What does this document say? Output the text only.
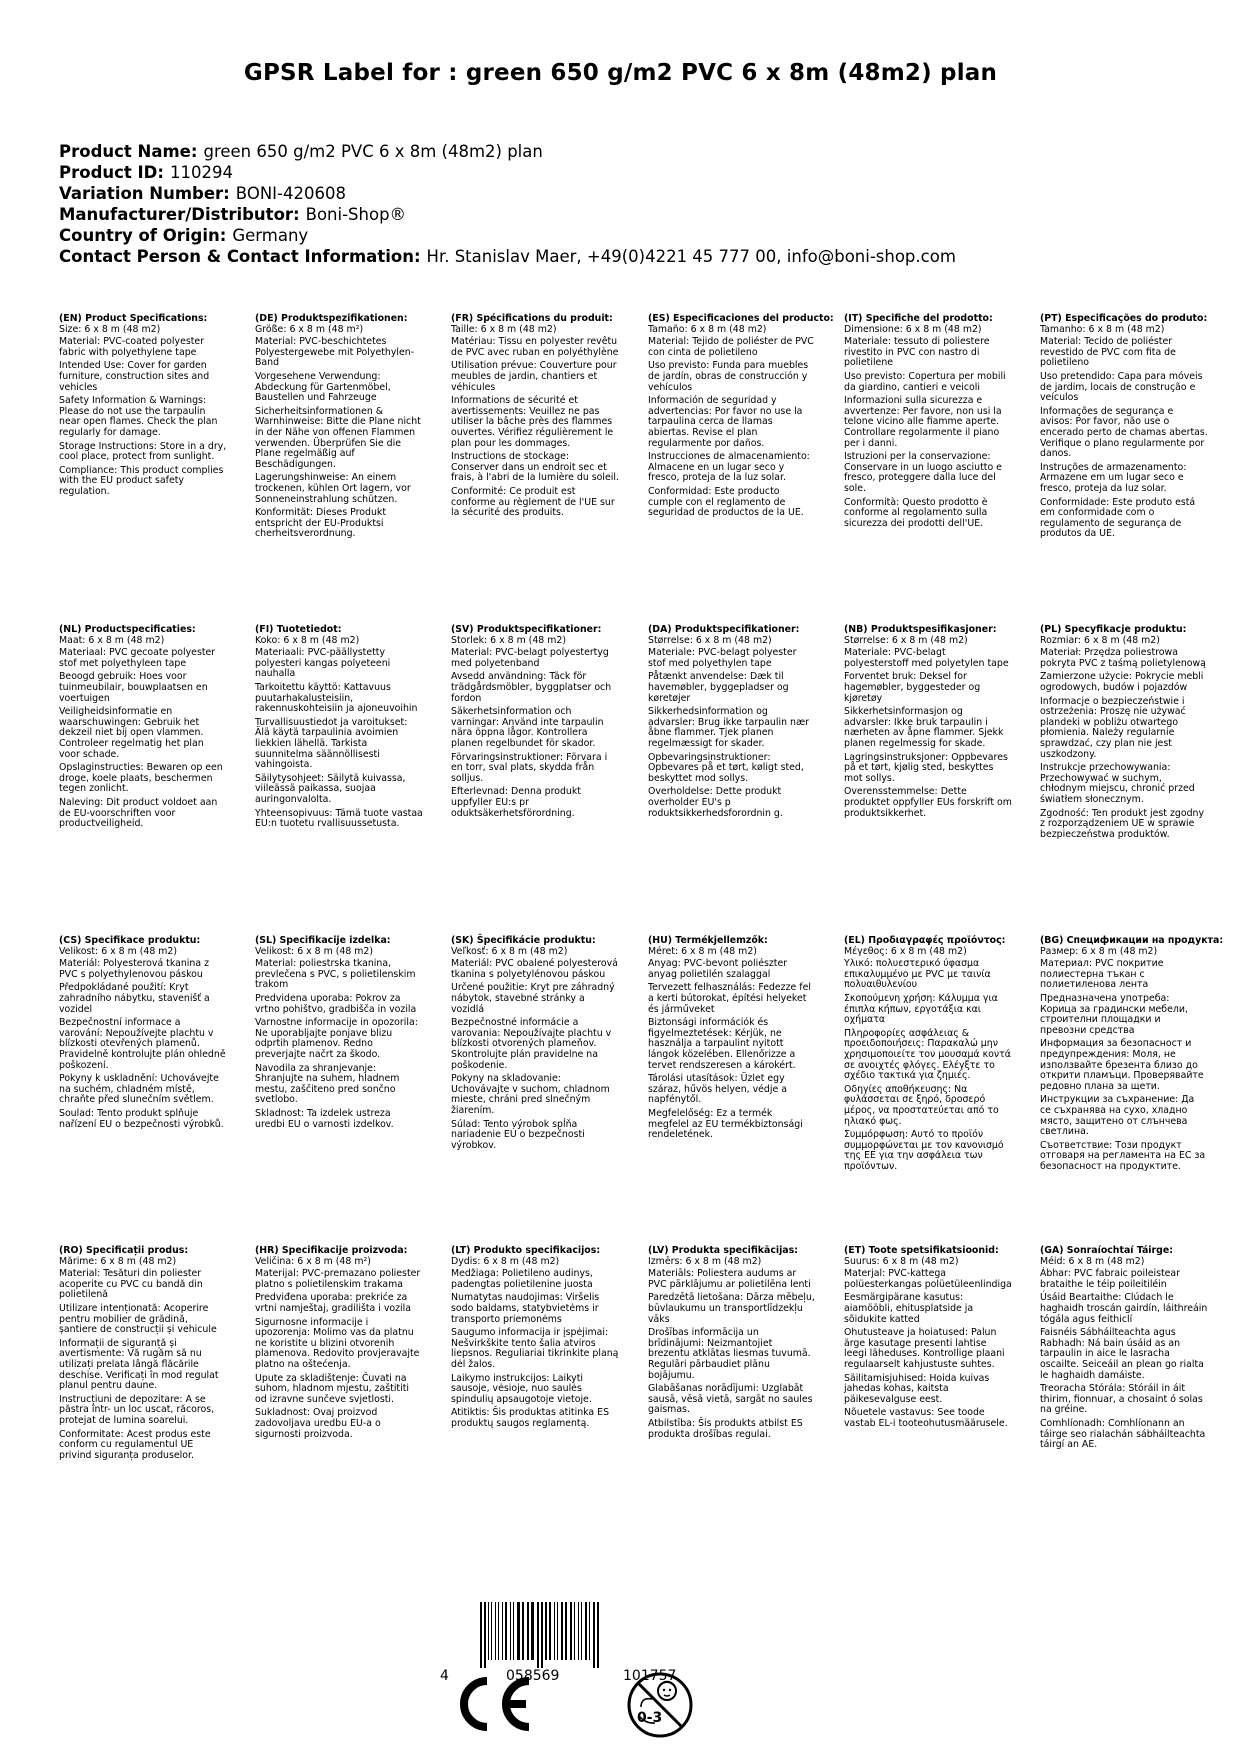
GPSR Label for : green 650 g/m2 PVC 6 x 8m (48m2) plan
Product Name: green 650 g/m2 PVC 6 x 8m (48m2) plan
Product ID: 110294
Variation Number: BONI-420608
Manufacturer/Distributor: Boni-Shop®
Country of Origin: Germany
Contact Person & Contact Information: Hr. Stanislav Maer, +49(0)4221 45 777 00, info@boni-shop.com
(EN) Product Specifications:
Size: 6 x 8 m (48 m2)
Material: PVC-coated polyester fabric with polyethylene tape
Intended Use: Cover for garden furniture, construction sites and vehicles
Safety Information & Warnings: Please do not use the tarpaulin near open flames. Check the plan regularly for damage.
Storage Instructions: Store in a dry, cool place, protect from sunlight.
Compliance: This product complies with the EU product safety regulation.
(DE) Produktspezifikationen:
Größe: 6 x 8 m (48 m²)
Material: PVC-beschichtetes Polyestergewebe mit Polyethylen-Band
Vorgesehene Verwendung: Abdeckung für Gartenmöbel, Baustellen und Fahrzeuge
Sicherheitsinformationen & Warnhinweise: Bitte die Plane nicht in der Nähe von offenen Flammen verwenden. Überprüfen Sie die Plane regelmäßig auf Beschädigungen.
Lagerungshinweise: An einem trockenen, kühlen Ort lagern, vor Sonneneinstrahlung schützen.
Konformität: Dieses Produkt entspricht der EU-Produktsi cherheitsverordnung.
(FR) Spécifications du produit:
Taille: 6 x 8 m (48 m2)
Matériau: Tissu en polyester revêtu de PVC avec ruban en polyéthylène
Utilisation prévue: Couverture pour meubles de jardin, chantiers et véhicules
Informations de sécurité et avertissements: Veuillez ne pas utiliser la bâche près des flammes ouvertes. Vérifiez régulièrement le plan pour les dommages.
Instructions de stockage: Conserver dans un endroit sec et frais, à l'abri de la lumière du soleil.
Conformité: Ce produit est conforme au règlement de l'UE sur la sécurité des produits.
(ES) Especificaciones del producto:
Tamaño: 6 x 8 m (48 m2)
Material: Tejido de poliéster de PVC con cinta de polietileno
Uso previsto: Funda para muebles de jardín, obras de construcción y vehículos
Información de seguridad y advertencias: Por favor no use la tarpaulina cerca de llamas abiertas. Revise el plan regularmente por daños.
Instrucciones de almacenamiento: Almacene en un lugar seco y fresco, proteja de la luz solar.
Conformidad: Este producto cumple con el reglamento de seguridad de productos de la UE.
(IT) Specifiche del prodotto:
Dimensione: 6 x 8 m (48 m2)
Materiale: tessuto di poliestere rivestito in PVC con nastro di polietilene
Uso previsto: Copertura per mobili da giardino, cantieri e veicoli
Informazioni sulla sicurezza e avvertenze: Per favore, non usi la telone vicino alle fiamme aperte. Controllare regolarmente il piano per i danni.
Istruzioni per la conservazione: Conservare in un luogo asciutto e fresco, proteggere dalla luce del sole.
Conformità: Questo prodotto è conforme al regolamento sulla sicurezza dei prodotti dell'UE.
(PT) Especificações do produto:
Tamanho: 6 x 8 m (48 m2)
Material: Tecido de poliéster revestido de PVC com fita de polietileno
Uso pretendido: Capa para móveis de jardim, locais de construção e veículos
Informações de segurança e avisos: Por favor, não use o encerado perto de chamas abertas. Verifique o plano regularmente por danos.
Instruções de armazenamento: Armazene em um lugar seco e fresco, proteja da luz solar.
Conformidade: Este produto está em conformidade com o regulamento de segurança de produtos da UE.
(NL) Productspecificaties:
Maat: 6 x 8 m (48 m2)
Materiaal: PVC gecoate polyester stof met polyethyleen tape
Beoogd gebruik: Hoes voor tuinmeubilair, bouwplaatsen en voertuigen
Veiligheidsinformatie en waarschuwingen: Gebruik het dekzeil niet bij open vlammen. Controleer regelmatig het plan voor schade.
Opslaginstructies: Bewaren op een droge, koele plaats, beschermen tegen zonlicht.
Naleving: Dit product voldoet aan de EU-voorschriften voor productveiligheid.
(FI) Tuotetiedot:
Koko: 6 x 8 m (48 m2)
Materiaali: PVC-päällystetty polyesteri kangas polyeteeni nauhalla
Tarkoitettu käyttö: Kattavuus puutarhakalusteisiin, rakennuskohteisiin ja ajoneuvoihin
Turvallisuustiedot ja varoitukset: Älä käytä tarpaulinia avoimien liekkien lähellä. Tarkista suunnitelma säännöllisesti vahingoista.
Säilytysohjeet: Säilytä kuivassa, viileässä paikassa, suojaa auringonvalolta.
Yhteensopivuus: Tämä tuote vastaa EU:n tuotetu rvallisuussetusta.
(SV) Produktspecifikationer:
Storlek: 6 x 8 m (48 m2)
Material: PVC-belagt polyestertyg med polyetenband
Avsedd användning: Täck för trädgårdsmöbler, byggplatser och fordon
Säkerhetsinformation och varningar: Använd inte tarpaulin nära öppna lågor. Kontrollera planen regelbundet för skador.
Förvaringsinstruktioner: Förvara i en torr, sval plats, skydda från solljus.
Efterlevnad: Denna produkt uppfyller EU:s pr oduktsäkerhetsförordning.
(DA) Produktspecifikationer:
Størrelse: 6 x 8 m (48 m2)
Materiale: PVC-belagt polyester stof med polyethylen tape
Påtænkt anvendelse: Dæk til havemøbler, byggepladser og køretøjer
Sikkerhedsinformation og advarsler: Brug ikke tarpaulin nær åbne flammer. Tjek planen regelmæssigt for skader.
Opbevaringsinstruktioner: Opbevares på et tørt, køligt sted, beskyttet mod sollys.
Overholdelse: Dette produkt overholder EU's p roduktsikkerhedsforordnin g.
(NB) Produktspesifikasjoner:
Størrelse: 6 x 8 m (48 m2)
Materiale: PVC-belagt polyesterstoff med polyetylen tape
Forventet bruk: Deksel for hagemøbler, byggesteder og kjøretøy
Sikkerhetsinformasjon og advarsler: Ikke bruk tarpaulin i nærheten av åpne flammer. Sjekk planen regelmessig for skade.
Lagringsinstruksjoner: Oppbevares på et tørt, kjølig sted, beskyttes mot sollys.
Overensstemmelse: Dette produktet oppfyller EUs forskrift om produktsikkerhet.
(PL) Specyfikacje produktu:
Rozmiar: 6 x 8 m (48 m2)
Materiał: Przędza poliestrowa pokryta PVC z taśmą polietylenową
Zamierzone użycie: Pokrycie mebli ogrodowych, budów i pojazdów
Informacje o bezpieczeństwie i ostrzeżenia: Proszę nie używać plandeki w pobliżu otwartego płomienia. Należy regularnie sprawdzać, czy plan nie jest uszkodzony.
Instrukcje przechowywania: Przechowywać w suchym, chłodnym miejscu, chronić przed światłem słonecznym.
Zgodność: Ten produkt jest zgodny z rozporządzeniem UE w sprawie bezpieczeństwa produktów.
(CS) Specifikace produktu:
Velikost: 6 x 8 m (48 m2)
Materiál: Polyesterová tkanina z PVC s polyethylenovou páskou
Předpokládané použití: Kryt zahradního nábytku, stavenišť a vozidel
Bezpečnostní informace a varování: Nepoužívejte plachtu v blízkosti otevřených plamenů. Pravidelně kontrolujte plán ohledně poškození.
Pokyny k uskladnění: Uchovávejte na suchém, chladném místě, chraňte před slunečním světlem.
Soulad: Tento produkt splňuje nařízení EU o bezpečnosti výrobků.
(SL) Specifikacije izdelka:
Velikost: 6 x 8 m (48 m2)
Material: poliestrska tkanina, prevlečena s PVC, s polietilenskim trakom
Predvidena uporaba: Pokrov za vrtno pohištvo, gradbišča in vozila
Varnostne informacije in opozorila: Ne uporabljajte ponjave blizu odprtih plamenov. Redno preverjajte načrt za škodo.
Navodila za shranjevanje: Shranjujte na suhem, hladnem mestu, zaščiteno pred sončno svetlobo.
Skladnost: Ta izdelek ustreza uredbi EU o varnosti izdelkov.
(SK) Špecifikácie produktu:
Veľkosť: 6 x 8 m (48 m2)
Materiál: PVC obalené polyesterová tkanina s polyetylénovou páskou
Určené použitie: Kryt pre záhradný nábytok, stavebné stránky a vozidlá
Bezpečnostné informácie a varovania: Nepoužívajte plachtu v blízkosti otvorených plameňov. Skontrolujte plán pravidelne na poškodenie.
Pokyny na skladovanie: Uchovávajte v suchom, chladnom mieste, chráni pred slnečným žiarením.
Súlad: Tento výrobok spĺňa nariadenie EÚ o bezpečnosti výrobkov.
(HU) Termékjellemzők:
Méret: 6 x 8 m (48 m2)
Anyag: PVC-bevont poliészter anyag polietilén szalaggal
Tervezett felhasználás: Fedezze fel a kerti bútorokat, építési helyeket és járműveket
Biztonsági információk és figyelmeztetések: Kérjük, ne használja a tarpaulint nyitott lángok közelében. Ellenőrizze a tervet rendszeresen a károkért.
Tárolási utasítások: Üzlet egy száraz, hűvös helyen, védje a napfénytől.
Megfelelőség: Ez a termék megfelel az EU termékbiztonsági rendeletének.
(EL) Προδιαγραφές προϊόντος:
Μέγεθος: 6 x 8 m (48 m2)
Υλικό: πολυεστερικό ύφασμα επικαλυμμένο με PVC με ταινία πολυαιθυλενίου
Σκοπούμενη χρήση: Κάλυμμα για έπιπλα κήπων, εργοτάξια και οχήματα
Πληροφορίες ασφάλειας & προειδοποιήσεις: Παρακαλώ μην χρησιμοποιείτε τον μουσαμά κοντά σε ανοιχτές φλόγες. Ελέγξτε το σχέδιο τακτικά για ζημιές.
Οδηγίες αποθήκευσης: Να φυλάσσεται σε ξηρό, δροσερό μέρος, να προστατεύεται από το ηλιακό φως.
Συμμόρφωση: Αυτό το προϊόν συμμορφώνεται με τον κανονισμό της ΕΕ για την ασφάλεια των προϊόντων.
(BG) Спецификации на продукта:
Размер: 6 x 8 m (48 m2)
Материал: PVC покритие полиестерна тъкан с полиетиленова лента
Предназначена употреба: Корица за градински мебели, строителни площадки и превозни средства
Информация за безопасност и предупреждения: Моля, не използвайте брезента близо до открити пламъци. Проверявайте редовно плана за щети.
Инструкции за съхранение: Да се съхранява на сухо, хладно място, защитено от слънчева светлина.
Съответствие: Този продукт отговаря на регламента на ЕС за безопасност на продуктите.
(RO) Specificații produs:
Mărime: 6 x 8 m (48 m2)
Material: Tesături din poliester acoperite cu PVC cu bandă din polietilenă
Utilizare intenționată: Acoperire pentru mobilier de grădină, șantiere de construcții și vehicule
Informații de siguranță și avertismente: Vă rugăm să nu utilizați prelata lângă flăcările deschise. Verificați în mod regulat planul pentru daune.
Instrucțiuni de depozitare: A se păstra într- un loc uscat, răcoros, protejat de lumina soarelui.
Conformitate: Acest produs este conform cu regulamentul UE privind siguranța produselor.
(HR) Specifikacije proizvoda:
Veličina: 6 x 8 m (48 m²)
Materijal: PVC-premazano poliester platno s polietilenskim trakama
Predviđena uporaba: prekriće za vrtni namještaj, gradilišta i vozila
Sigurnosne informacije i upozorenja: Molimo vas da platnu ne koristite u blizini otvorenih plamenova. Redovito provjeravajte platno na oštećenja.
Upute za skladištenje: Čuvati na suhom, hladnom mjestu, zaštititi od izravne sunčeve svjetlosti.
Sukladnost: Ovaj proizvod zadovoljava uredbu EU-a o sigurnosti proizvoda.
(LT) Produkto specifikacijos:
Dydis: 6 x 8 m (48 m2)
Medžiaga: Polietileno audinys, padengtas polietilenine juosta
Numatytas naudojimas: Viršelis sodo baldams, statybvietėms ir transporto priemonėms
Saugumo informacija ir įspėjimai: Nešvirkškite tento šalia atviros liepsnos. Reguliariai tikrinkite planą dėl žalos.
Laikymo instrukcijos: Laikyti sausoje, vėsioje, nuo saulės spindulių apsaugotoje vietoje.
Atitiktis: Šis produktas atitinka ES produktų saugos reglamentą.
(LV) Produkta specifikācijas:
Izmērs: 6 x 8 m (48 m2)
Materiāls: Poliestera audums ar PVC pārklājumu ar polietilēna lenti
Paredzētā lietošana: Dārza mēbeļu, būvlaukumu un transportlīdzekļu vāks
Drošības informācija un brīdinājumi: Neizmantojiet brezentu atklātas liesmas tuvumā. Regulāri pārbaudiet plānu bojājumu.
Glabāšanas norādījumi: Uzglabāt sausā, vēsā vietā, sargāt no saules gaismas.
Atbilstība: Šis produkts atbilst ES produkta drošības regulai.
(ET) Toote spetsifikatsioonid:
Suurus: 6 x 8 m (48 m2)
Materjal: PVC-kattega polüesterkangas polüetüleenlindiga
Eesmärgipärane kasutus: aiamööbli, ehitusplatside ja sõidukite katted
Ohutusteave ja hoiatused: Palun ärge kasutage presenti lahtise leegi läheduses. Kontrollige plaani regulaarselt kahjustuste suhtes.
Säilitamisjuhised: Hoida kuivas jahedas kohas, kaitsta päikesevalguse eest.
Nõuetele vastavus: See toode vastab EL-i tooteohutusmäärusele.
(GA) Sonraíochtaí Táirge:
Méid: 6 x 8 m (48 m2)
Ábhar: PVC fabraic poileistear brataithe le téip poileitiléin
Úsáid Beartaithe: Clúdach le haghaidh troscán gairdín, láithreáin tógála agus feithiclí
Faisnéis Sábháilteachta agus Rabhadh: Ná bain úsáid as an tarpaulin in aice le lasracha oscailte. Seiceáil an plean go rialta le haghaidh damáiste.
Treoracha Stórála: Stóráil in áit thirim, fionnuar, a chosaint ó solas na gréine.
Comhlíonadh: Comhlíonann an táirge seo rialachán sábháilteachta táirgí an AE.
4	058569	101757
0-3
